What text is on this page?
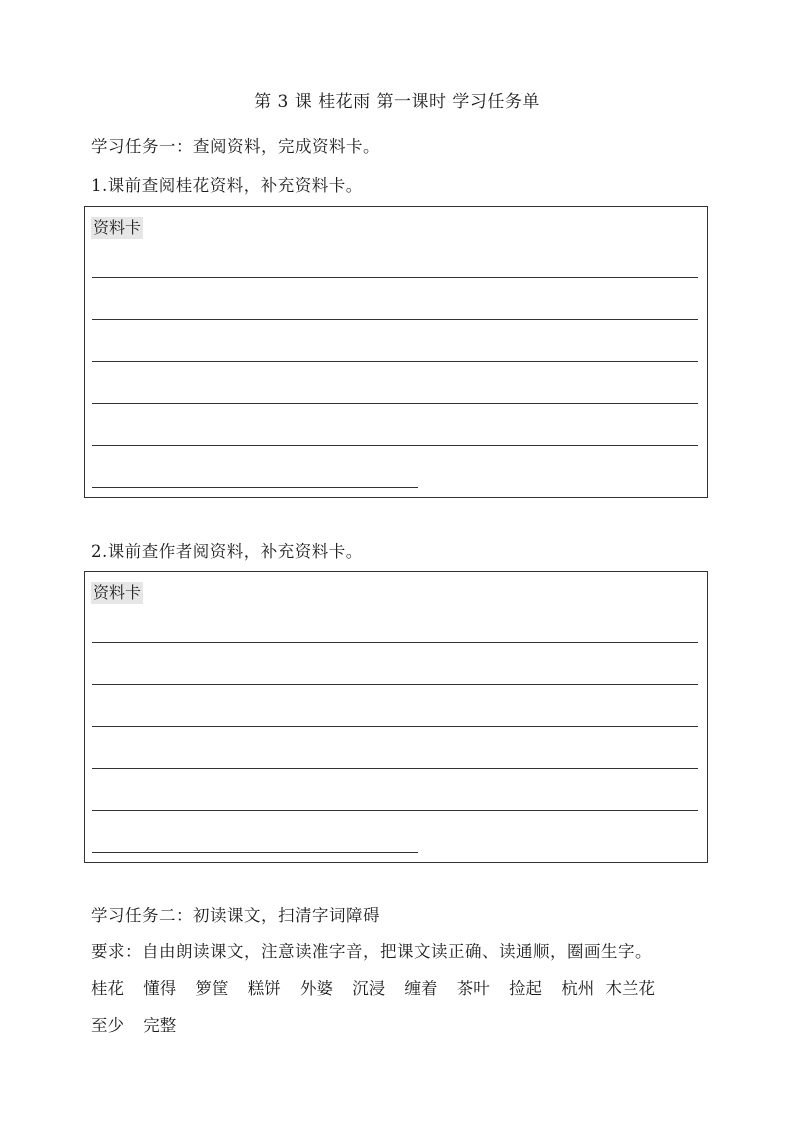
第 3 课 桂花雨 第一课时 学习任务单
学习任务一：查阅资料，完成资料卡。
1.课前查阅桂花资料，补充资料卡。
资料卡
2.课前查作者阅资料，补充资料卡。
资料卡
学习任务二：初读课文，扫清字词障碍
要求：自由朗读课文，注意读准字音，把课文读正确、读通顺，圈画生字。
桂花 懂得 箩筐 糕饼 外婆 沉浸 缠着 茶叶 捡起 杭州 木兰花
至少 完整
